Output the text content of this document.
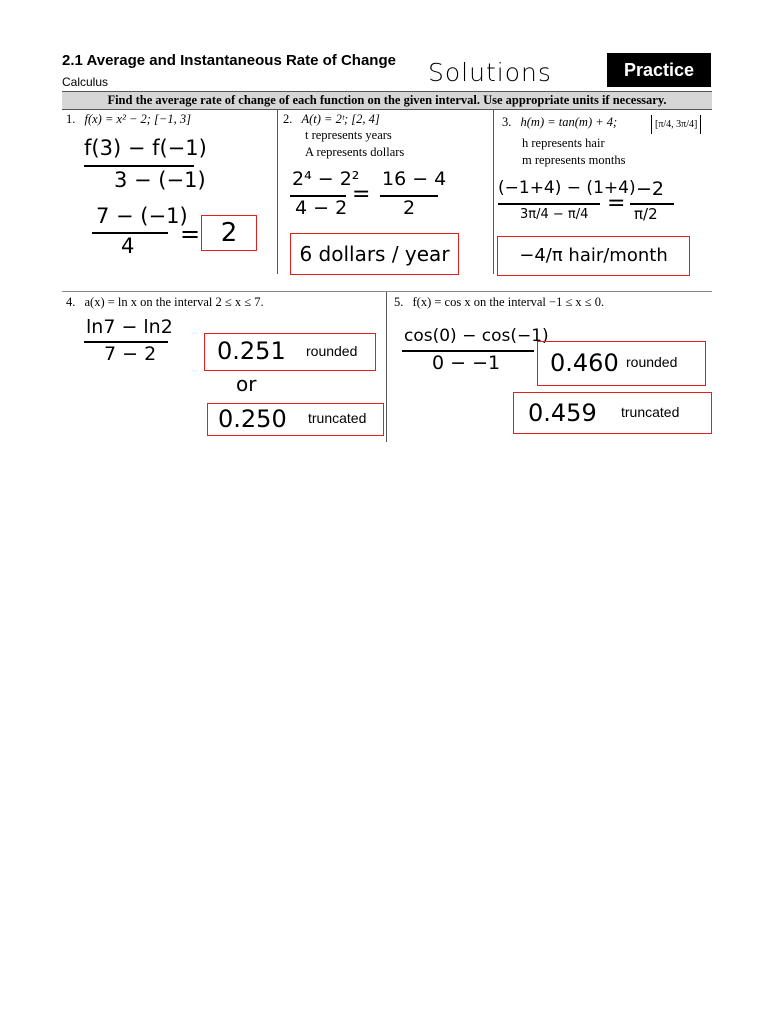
2.1 Average and Instantaneous Rate of Change
Calculus	Solutions	Practice
Find the average rate of change of each function on the given interval. Use appropriate units if necessary.
1. f(x) = x² − 2; [−1, 3]
f(3) − f(−1)
3 − (−1)
7 − (−1)
4 = 2
2. A(t) = 2ᵗ; [2, 4]
t represents years
A represents dollars
2⁴ − 2²
4 − 2
=
16 − 4
2
6 dollars / year
3. h(m) = tan(m) + 4;	[π/4, 3π/4]
h represents hair
m represents months
(−1+4) − (1+4)
3π/4 − π/4 =
−2
π/2
−4/π hair/month
4. a(x) = ln x on the interval 2 ≤ x ≤ 7.
ln7 − ln2
7 − 2	0.251 rounded
or
0.250 truncated
5. f(x) = cos x on the interval −1 ≤ x ≤ 0.
cos(0) − cos(−1)
0 − −1 0.460 rounded
0.459 truncated
